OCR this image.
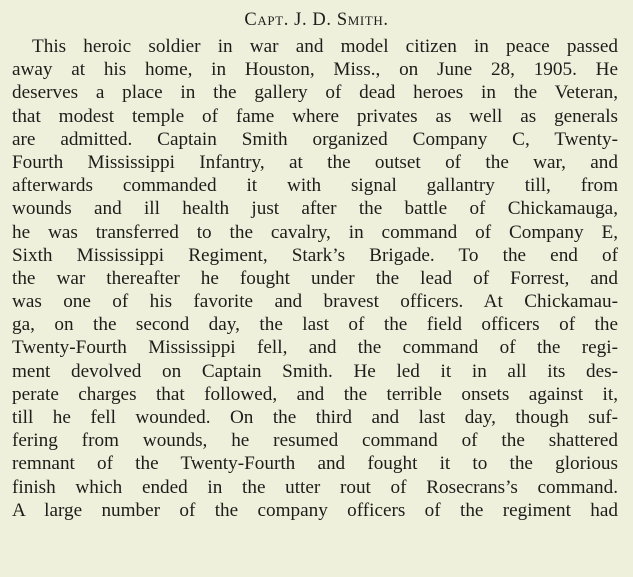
Capt. J. D. Smith.
This heroic soldier in war and model citizen in peace passed
away at his home, in Houston, Miss., on June 28, 1905. He
deserves a place in the gallery of dead heroes in the Veteran,
that modest temple of fame where privates as well as generals
are admitted. Captain Smith organized Company C, Twenty-
Fourth Mississippi Infantry, at the outset of the war, and
afterwards commanded it with signal gallantry till, from
wounds and ill health just after the battle of Chickamauga,
he was transferred to the cavalry, in command of Company E,
Sixth Mississippi Regiment, Stark’s Brigade. To the end of
the war thereafter he fought under the lead of Forrest, and
was one of his favorite and bravest officers. At Chickamau-
ga, on the second day, the last of the field officers of the
Twenty-Fourth Mississippi fell, and the command of the regi-
ment devolved on Captain Smith. He led it in all its des-
perate charges that followed, and the terrible onsets against it,
till he fell wounded. On the third and last day, though suf-
fering from wounds, he resumed command of the shattered
remnant of the Twenty-Fourth and fought it to the glorious
finish which ended in the utter rout of Rosecrans’s command.
A large number of the company officers of the regiment had
